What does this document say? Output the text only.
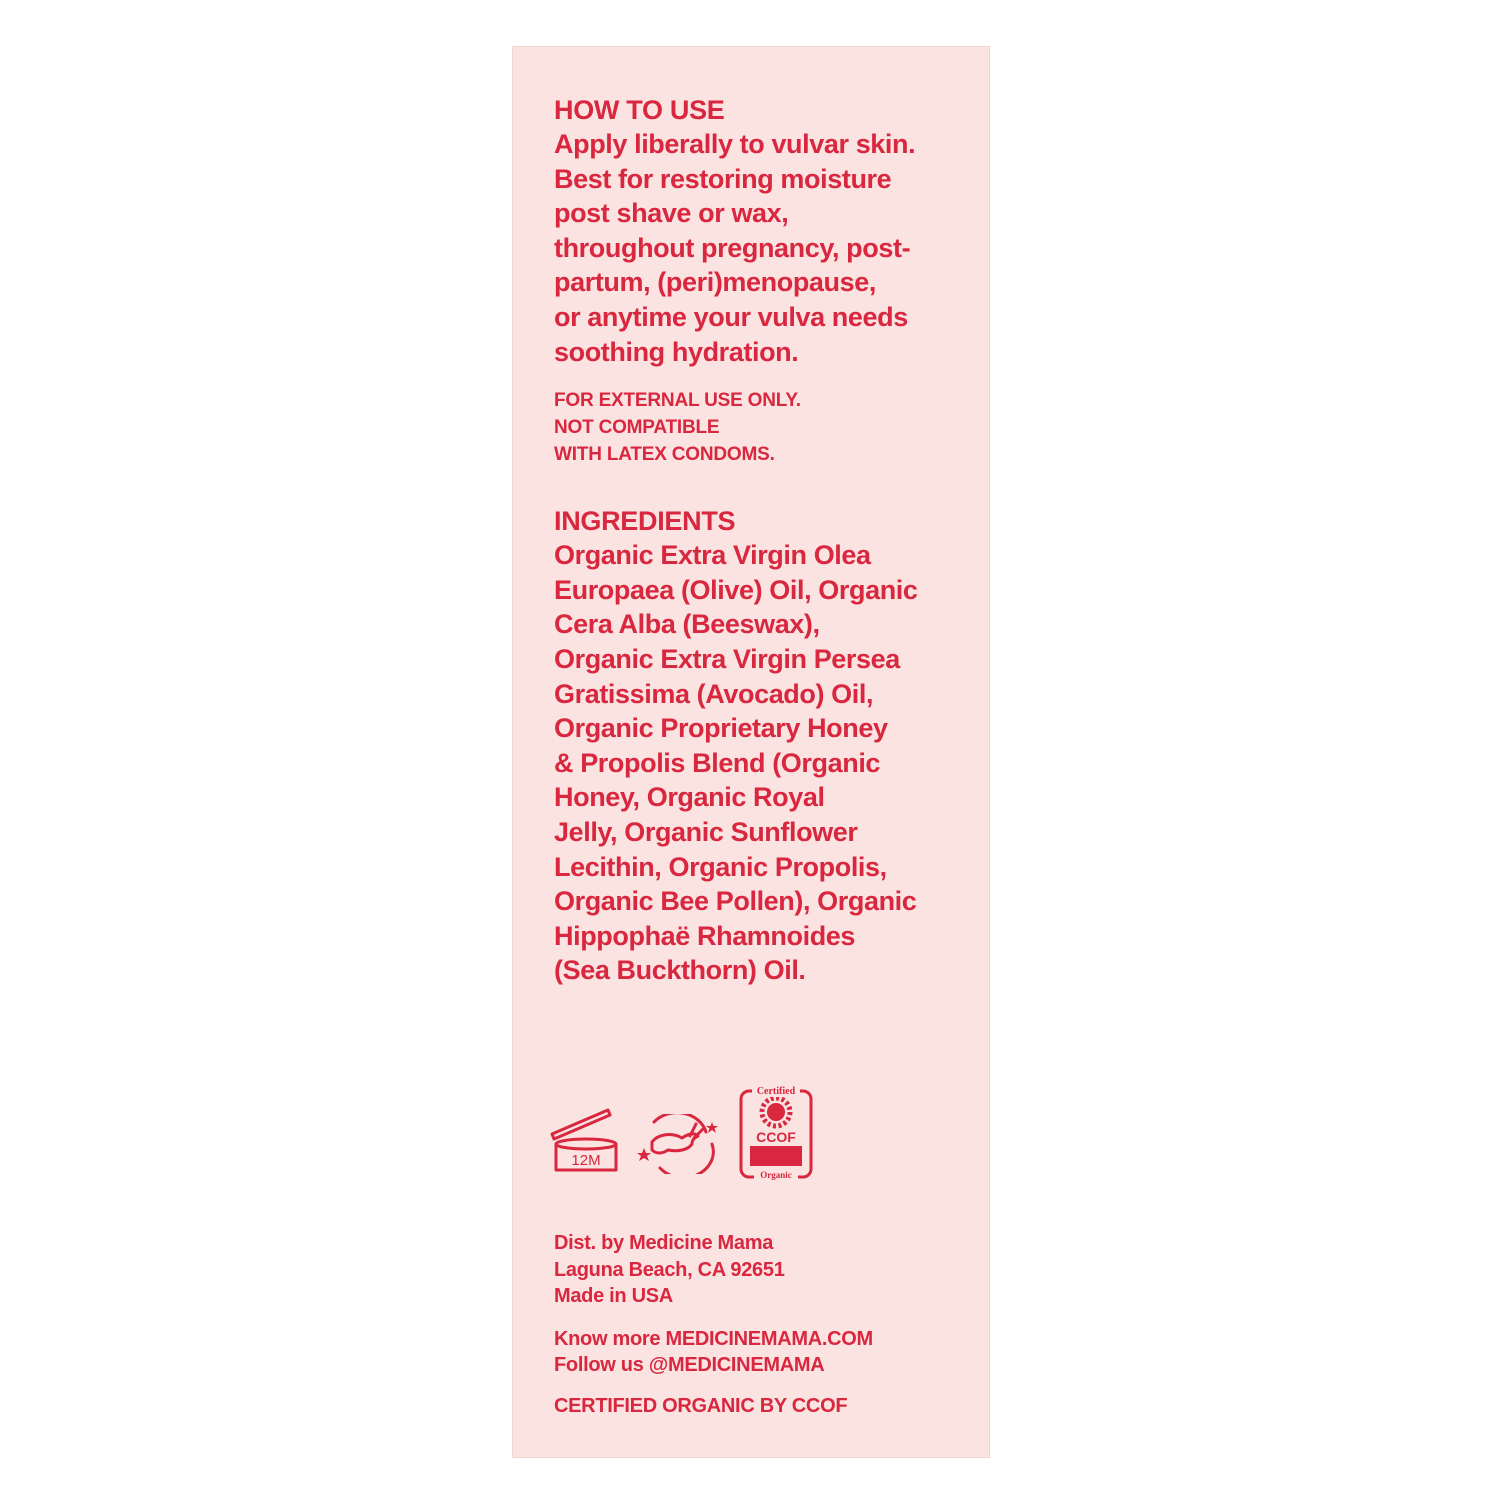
HOW TO USE
Apply liberally to vulvar skin.
Best for restoring moisture
post shave or wax,
throughout pregnancy, post-
partum, (peri)menopause,
or anytime your vulva needs
soothing hydration.
FOR EXTERNAL USE ONLY.
NOT COMPATIBLE
WITH LATEX CONDOMS.
INGREDIENTS
Organic Extra Virgin Olea
Europaea (Olive) Oil, Organic
Cera Alba (Beeswax),
Organic Extra Virgin Persea
Gratissima (Avocado) Oil,
Organic Proprietary Honey
& Propolis Blend (Organic
Honey, Organic Royal
Jelly, Organic Sunflower
Lecithin, Organic Propolis,
Organic Bee Pollen), Organic
Hippophaë Rhamnoides
(Sea Buckthorn) Oil.
12M
CCOF
Certified
Organic
Dist. by Medicine Mama
Laguna Beach, CA 92651
Made in USA
Know more MEDICINEMAMA.COM
Follow us @MEDICINEMAMA
CERTIFIED ORGANIC BY CCOF
